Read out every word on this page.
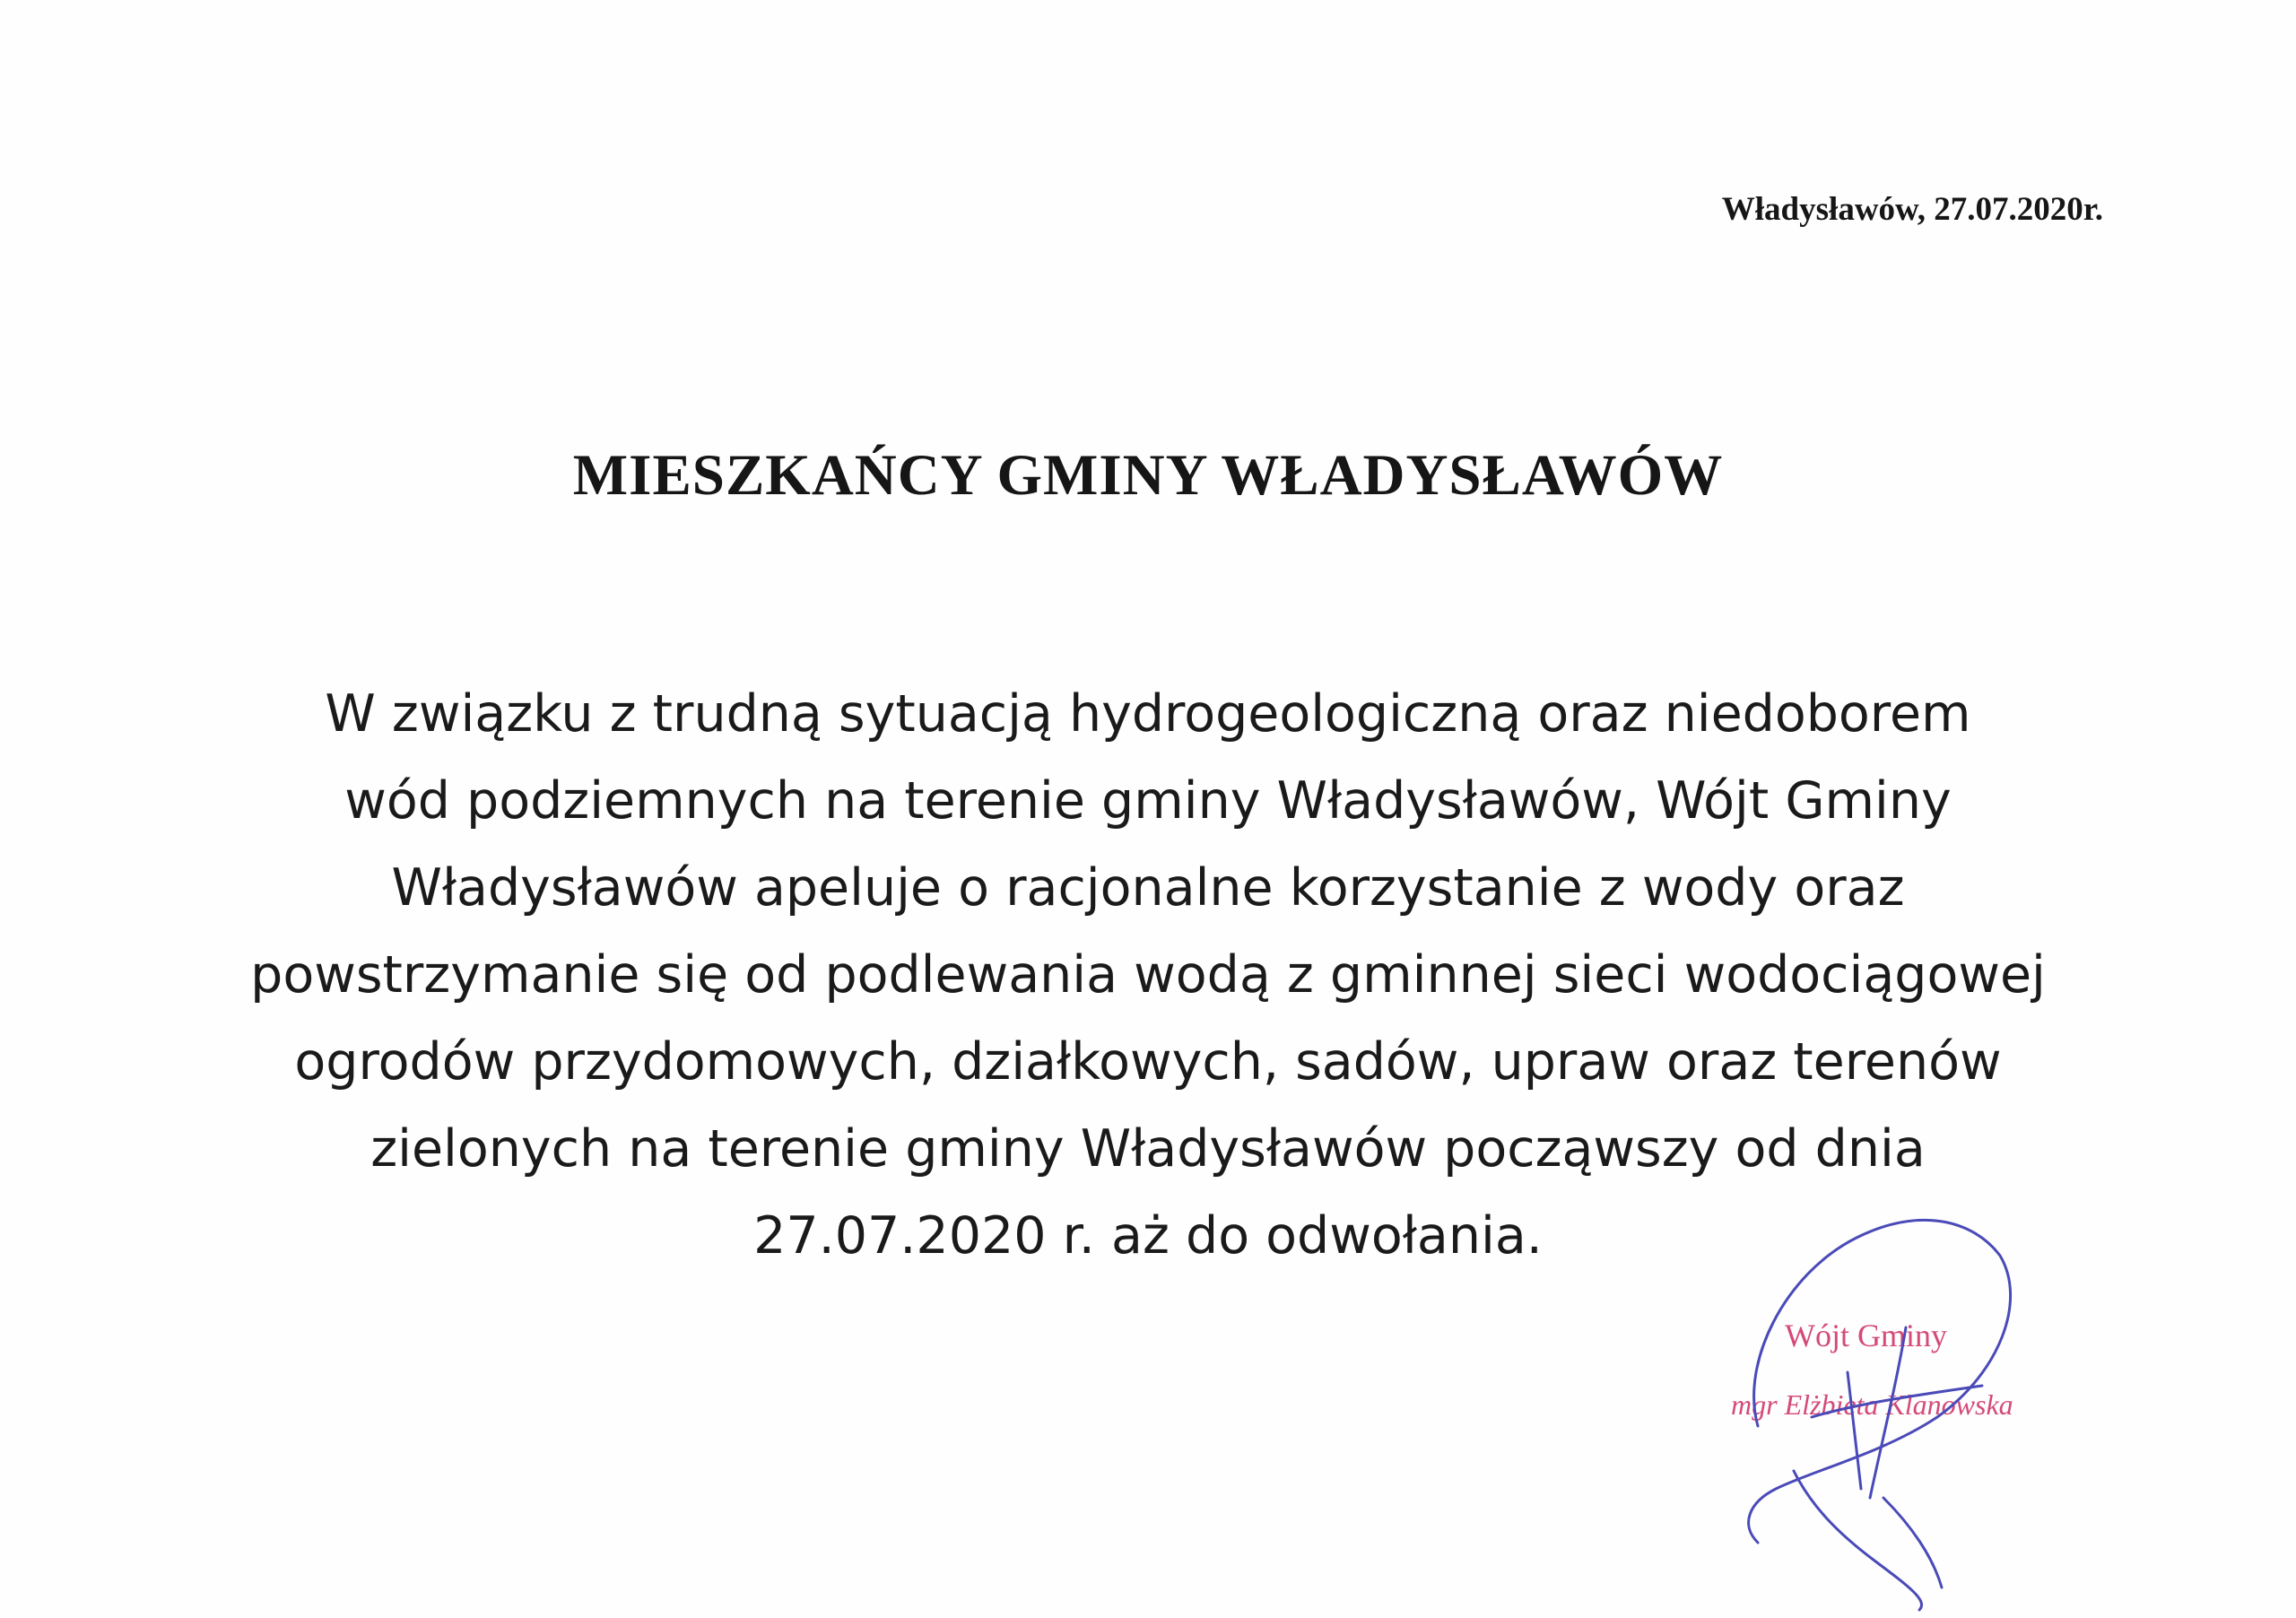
Władysławów, 27.07.2020r.
MIESZKAŃCY GMINY WŁADYSŁAWÓW
W związku z trudną sytuacją hydrogeologiczną oraz niedoborem
wód podziemnych na terenie gminy Władysławów, Wójt Gminy
Władysławów apeluje o racjonalne korzystanie z wody oraz
powstrzymanie się od podlewania wodą z gminnej sieci wodociągowej
ogrodów przydomowych, działkowych, sadów, upraw oraz terenów
zielonych na terenie gminy Władysławów począwszy od dnia
27.07.2020 r. aż do odwołania.
Wójt Gminy
mgr Elżbieta Klanowska
